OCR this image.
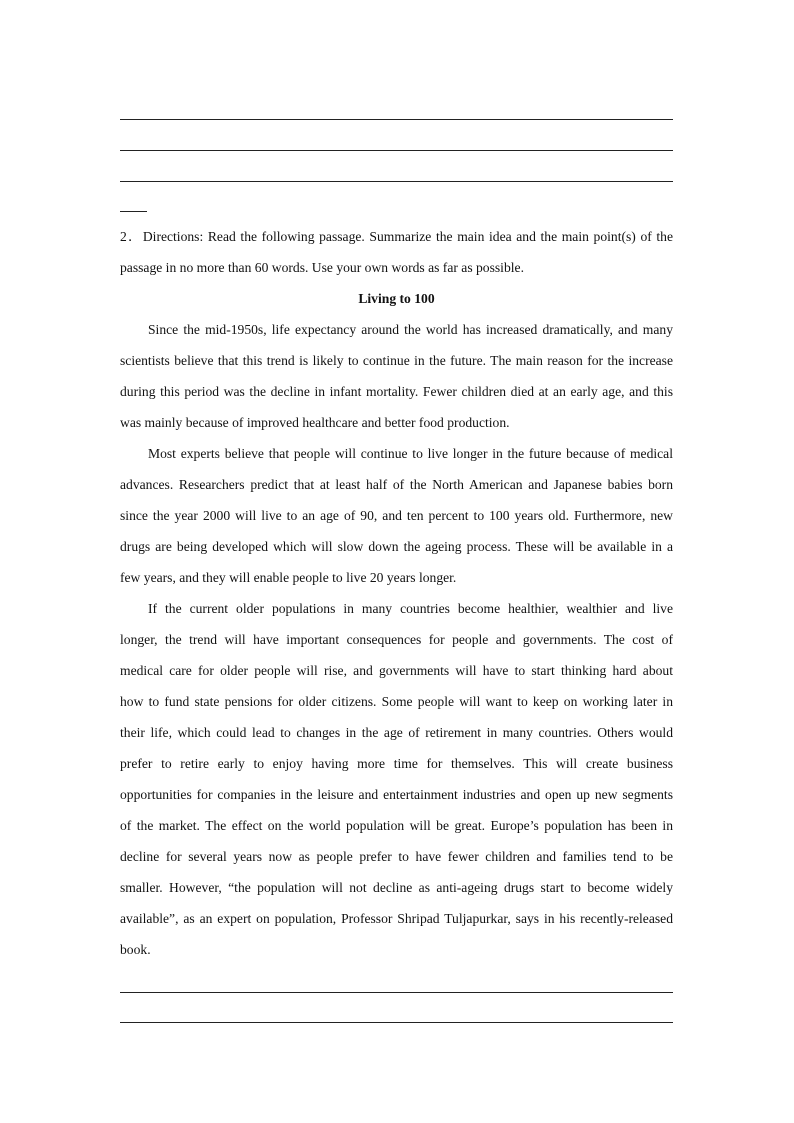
2．Directions: Read the following passage. Summarize the main idea and the main point(s) of the
passage in no more than 60 words. Use your own words as far as possible.
Living to 100
Since the mid-1950s, life expectancy around the world has increased dramatically, and many
scientists believe that this trend is likely to continue in the future. The main reason for the increase
during this period was the decline in infant mortality. Fewer children died at an early age, and this
was mainly because of improved healthcare and better food production.
Most experts believe that people will continue to live longer in the future because of medical
advances. Researchers predict that at least half of the North American and Japanese babies born
since the year 2000 will live to an age of 90, and ten percent to 100 years old. Furthermore, new
drugs are being developed which will slow down the ageing process. These will be available in a
few years, and they will enable people to live 20 years longer.
If the current older populations in many countries become healthier, wealthier and live
longer, the trend will have important consequences for people and governments. The cost of
medical care for older people will rise, and governments will have to start thinking hard about
how to fund state pensions for older citizens. Some people will want to keep on working later in
their life, which could lead to changes in the age of retirement in many countries. Others would
prefer to retire early to enjoy having more time for themselves. This will create business
opportunities for companies in the leisure and entertainment industries and open up new segments
of the market. The effect on the world population will be great. Europe’s population has been in
decline for several years now as people prefer to have fewer children and families tend to be
smaller. However, “the population will not decline as anti-ageing drugs start to become widely
available”, as an expert on population, Professor Shripad Tuljapurkar, says in his recently-released
book.
